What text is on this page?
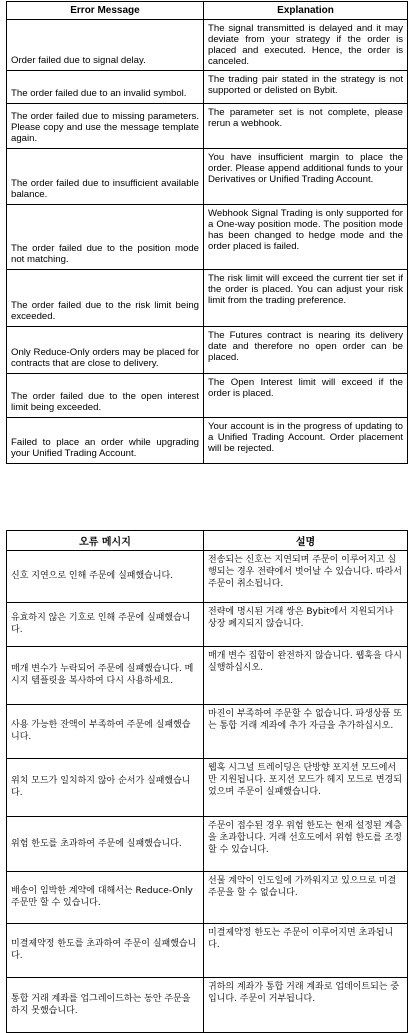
Error Message	Explanation
Order failed due to signal delay.	The signal transmitted is delayed and it may deviate from your strategy if the order is placed and executed. Hence, the order is canceled.
The order failed due to an invalid symbol.	The trading pair stated in the strategy is not supported or delisted on Bybit.
The order failed due to missing parameters. Please copy and use the message template again.	The parameter set is not complete, please rerun a webhook.
The order failed due to insufficient available balance.	You have insufficient margin to place the order. Please append additional funds to your Derivatives or Unified Trading Account.
The order failed due to the position mode not matching.	Webhook Signal Trading is only supported for a One-way position mode. The position mode has been changed to hedge mode and the order placed is failed.
The order failed due to the risk limit being exceeded.	The risk limit will exceed the current tier set if the order is placed. You can adjust your risk limit from the trading preference.
Only Reduce-Only orders may be placed for contracts that are close to delivery.	The Futures contract is nearing its delivery date and therefore no open order can be placed.
The order failed due to the open interest limit being exceeded.	The Open Interest limit will exceed if the order is placed.
Failed to place an order while upgrading your Unified Trading Account.	Your account is in the progress of updating to a Unified Trading Account. Order placement will be rejected.
오류 메시지	설명
신호 지연으로 인해 주문에 실패했습니다.	전송되는 신호는 지연되며 주문이 이루어지고 실행되는 경우 전략에서 벗어날 수 있습니다. 따라서 주문이 취소됩니다.
유효하지 않은 기호로 인해 주문에 실패했습니다.	전략에 명시된 거래 쌍은 Bybit에서 지원되거나 상장 폐지되지 않습니다.
매개 변수가 누락되어 주문에 실패했습니다. 메시지 템플릿을 복사하여 다시 사용하세요.	매개 변수 집합이 완전하지 않습니다. 웹훅을 다시 실행하십시오.
사용 가능한 잔액이 부족하여 주문에 실패했습니다.	마진이 부족하여 주문할 수 없습니다. 파생상품 또는 통합 거래 계좌에 추가 자금을 추가하십시오.
위치 모드가 일치하지 않아 순서가 실패했습니다.	웹훅 시그널 트레이딩은 단방향 포지션 모드에서만 지원됩니다. 포지션 모드가 헤지 모드로 변경되었으며 주문이 실패했습니다.
위험 한도를 초과하여 주문에 실패했습니다.	주문이 접수된 경우 위험 한도는 현재 설정된 계층을 초과합니다. 거래 선호도에서 위험 한도를 조정할 수 있습니다.
배송이 임박한 계약에 대해서는 Reduce-Only 주문만 할 수 있습니다.	선물 계약이 인도일에 가까워지고 있으므로 미결 주문을 할 수 없습니다.
미결제약정 한도를 초과하여 주문이 실패했습니다.	미결제약정 한도는 주문이 이루어지면 초과됩니다.
통합 거래 계좌를 업그레이드하는 동안 주문을 하지 못했습니다.	귀하의 계좌가 통합 거래 계좌로 업데이트되는 중입니다. 주문이 거부됩니다.
